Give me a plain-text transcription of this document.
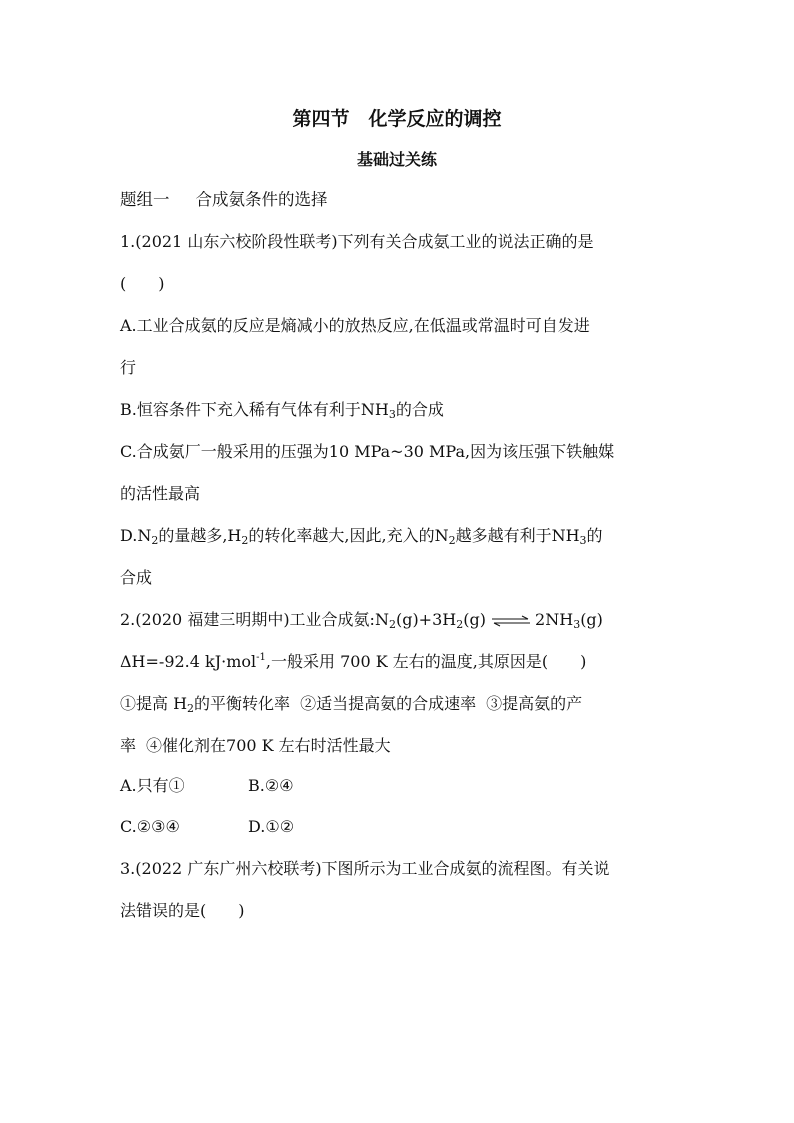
第四节　化学反应的调控
基础过关练
题组一 合成氨条件的选择
1.(2021 山东六校阶段性联考)下列有关合成氨工业的说法正确的是
(　　)
A.工业合成氨的反应是熵减小的放热反应,在低温或常温时可自发进
行
B.恒容条件下充入稀有气体有利于$NH_3$的合成
C.合成氨厂一般采用的压强为10 MPa~30 MPa,因为该压强下铁触媒
的活性最高
$D.N_2$的量越多$,H_2$的转化率越大,因此,充入的$N_2$越多越有利于$NH_3$的
合成
2.(2020 福建三明期中)工业合成氨$:N_2(g)+3H_2(g)$ ⇌ $2NH_3(g)$
ΔH=-92.4 kJ·mol$^{-1}$,一般采用 700 K 左右的温度,其原因是(　　)
①提高 $H_2$的平衡转化率 ②适当提高氨的合成速率 ③提高氨的产
率 ④催化剂在700 K 左右时活性最大
A.只有①	B.②④
C.②③④	D.①②
3.(2022 广东广州六校联考)下图所示为工业合成氨的流程图。有关说
法错误的是(　　)
